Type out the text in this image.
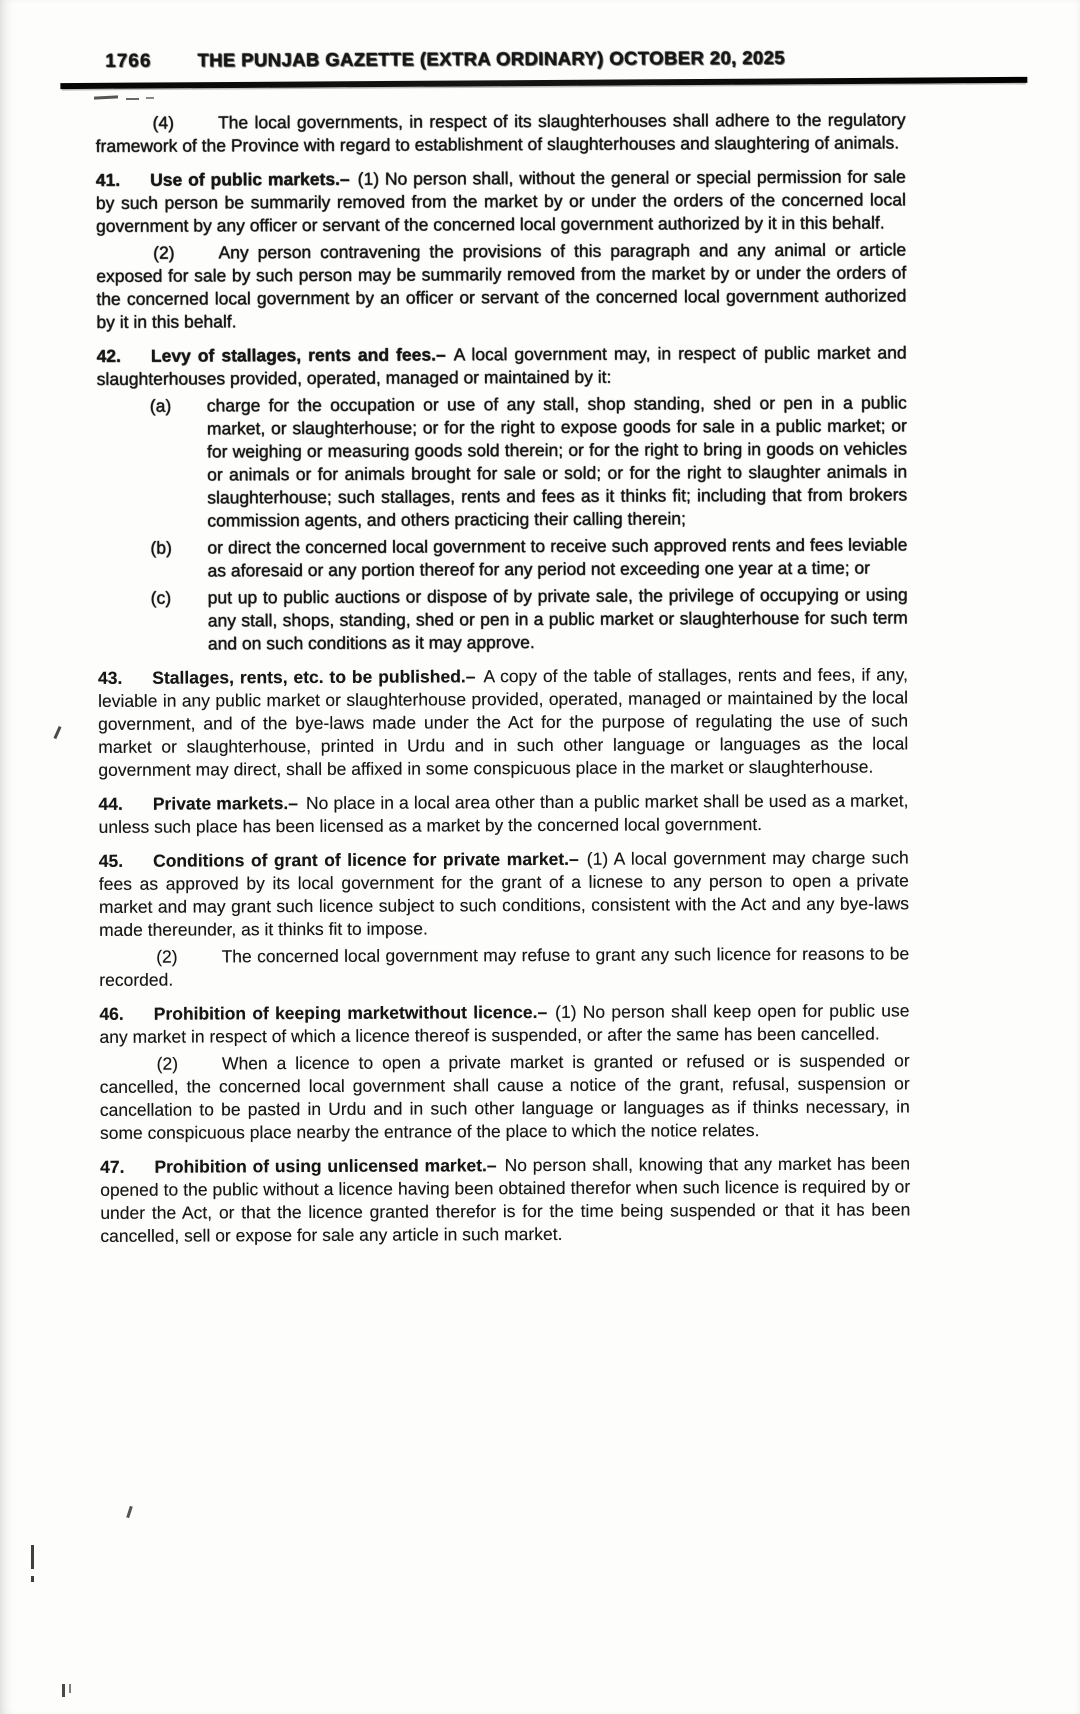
1766 THE PUNJAB GAZETTE (EXTRA ORDINARY) OCTOBER 20, 2025

(4)	The local governments, in respect of its slaughterhouses shall adhere to the regulatory framework of the Province with regard to establishment of slaughterhouses and slaughtering of animals.

41. Use of public markets.– (1) No person shall, without the general or special permission for sale by such person be summarily removed from the market by or under the orders of the concerned local government by any officer or servant of the concerned local government authorized by it in this behalf.

(2)	Any person contravening the provisions of this paragraph and any animal or article exposed for sale by such person may be summarily removed from the market by or under the orders of the concerned local government by an officer or servant of the concerned local government authorized by it in this behalf.

42. Levy of stallages, rents and fees.– A local government may, in respect of public market and slaughterhouses provided, operated, managed or maintained by it:

(a) charge for the occupation or use of any stall, shop standing, shed or pen in a public market, or slaughterhouse; or for the right to expose goods for sale in a public market; or for weighing or measuring goods sold therein; or for the right to bring in goods on vehicles or animals or for animals brought for sale or sold; or for the right to slaughter animals in slaughterhouse; such stallages, rents and fees as it thinks fit; including that from brokers commission agents, and others practicing their calling therein;

(b) or direct the concerned local government to receive such approved rents and fees leviable as aforesaid or any portion thereof for any period not exceeding one year at a time; or

(c) put up to public auctions or dispose of by private sale, the privilege of occupying or using any stall, shops, standing, shed or pen in a public market or slaughterhouse for such term and on such conditions as it may approve.

43. Stallages, rents, etc. to be published.– A copy of the table of stallages, rents and fees, if any, leviable in any public market or slaughterhouse provided, operated, managed or maintained by the local government, and of the bye-laws made under the Act for the purpose of regulating the use of such market or slaughterhouse, printed in Urdu and in such other language or languages as the local government may direct, shall be affixed in some conspicuous place in the market or slaughterhouse.

44. Private markets.– No place in a local area other than a public market shall be used as a market, unless such place has been licensed as a market by the concerned local government.

45. Conditions of grant of licence for private market.– (1) A local government may charge such fees as approved by its local government for the grant of a licnese to any person to open a private market and may grant such licence subject to such conditions, consistent with the Act and any bye-laws made thereunder, as it thinks fit to impose.

(2)	The concerned local government may refuse to grant any such licence for reasons to be recorded.

46. Prohibition of keeping marketwithout licence.– (1) No person shall keep open for public use any market in respect of which a licence thereof is suspended, or after the same has been cancelled.

(2)	When a licence to open a private market is granted or refused or is suspended or cancelled, the concerned local government shall cause a notice of the grant, refusal, suspension or cancellation to be pasted in Urdu and in such other language or languages as if thinks necessary, in some conspicuous place nearby the entrance of the place to which the notice relates.

47. Prohibition of using unlicensed market.– No person shall, knowing that any market has been opened to the public without a licence having been obtained therefor when such licence is required by or under the Act, or that the licence granted therefor is for the time being suspended or that it has been cancelled, sell or expose for sale any article in such market.
